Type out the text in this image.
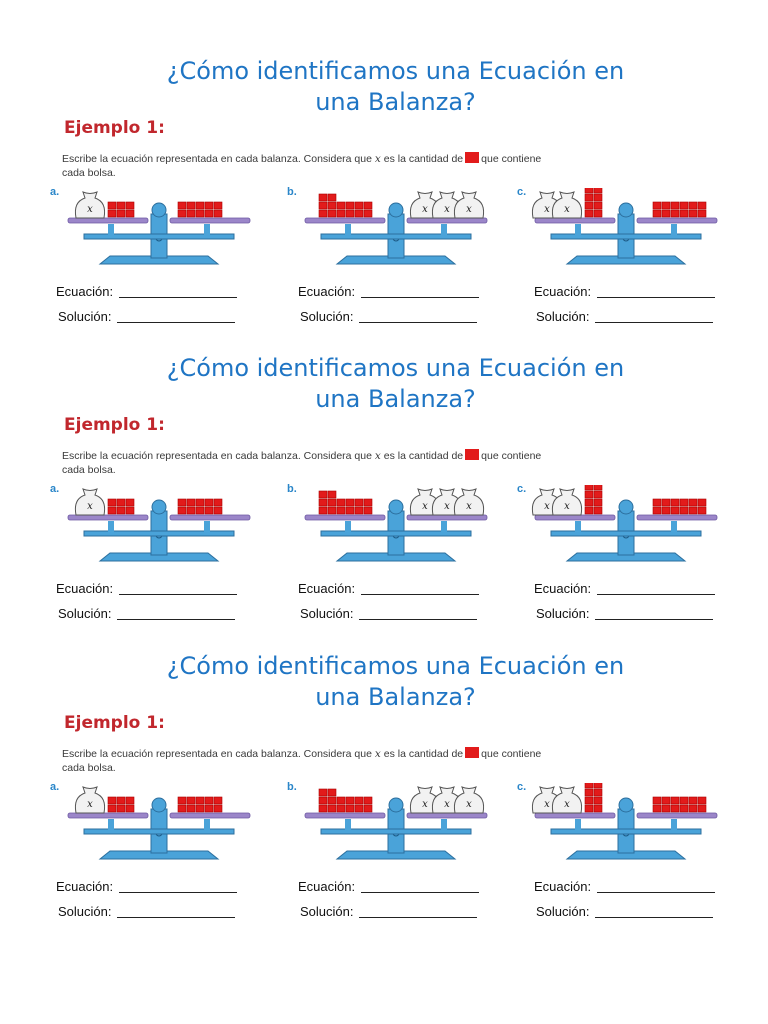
¿Cómo identificamos una Ecuación en
una Balanza?
Ejemplo 1:
Escribe la ecuación representada en cada balanza. Considera que x es la cantidad de que contiene
cada bolsa.
a.
x
b.
x x x
c.
x x
Ecuación:
Solución:
Ecuación:
Solución:
Ecuación:
Solución:
¿Cómo identificamos una Ecuación en
una Balanza?
Ejemplo 1:
Escribe la ecuación representada en cada balanza. Considera que x es la cantidad de que contiene
cada bolsa.
a.
x
b.
x x x
c.
x x
Ecuación:
Solución:
Ecuación:
Solución:
Ecuación:
Solución:
¿Cómo identificamos una Ecuación en
una Balanza?
Ejemplo 1:
Escribe la ecuación representada en cada balanza. Considera que x es la cantidad de que contiene
cada bolsa.
a.
x
b.
x x x
c.
x x
Ecuación:
Solución:
Ecuación:
Solución:
Ecuación:
Solución:
